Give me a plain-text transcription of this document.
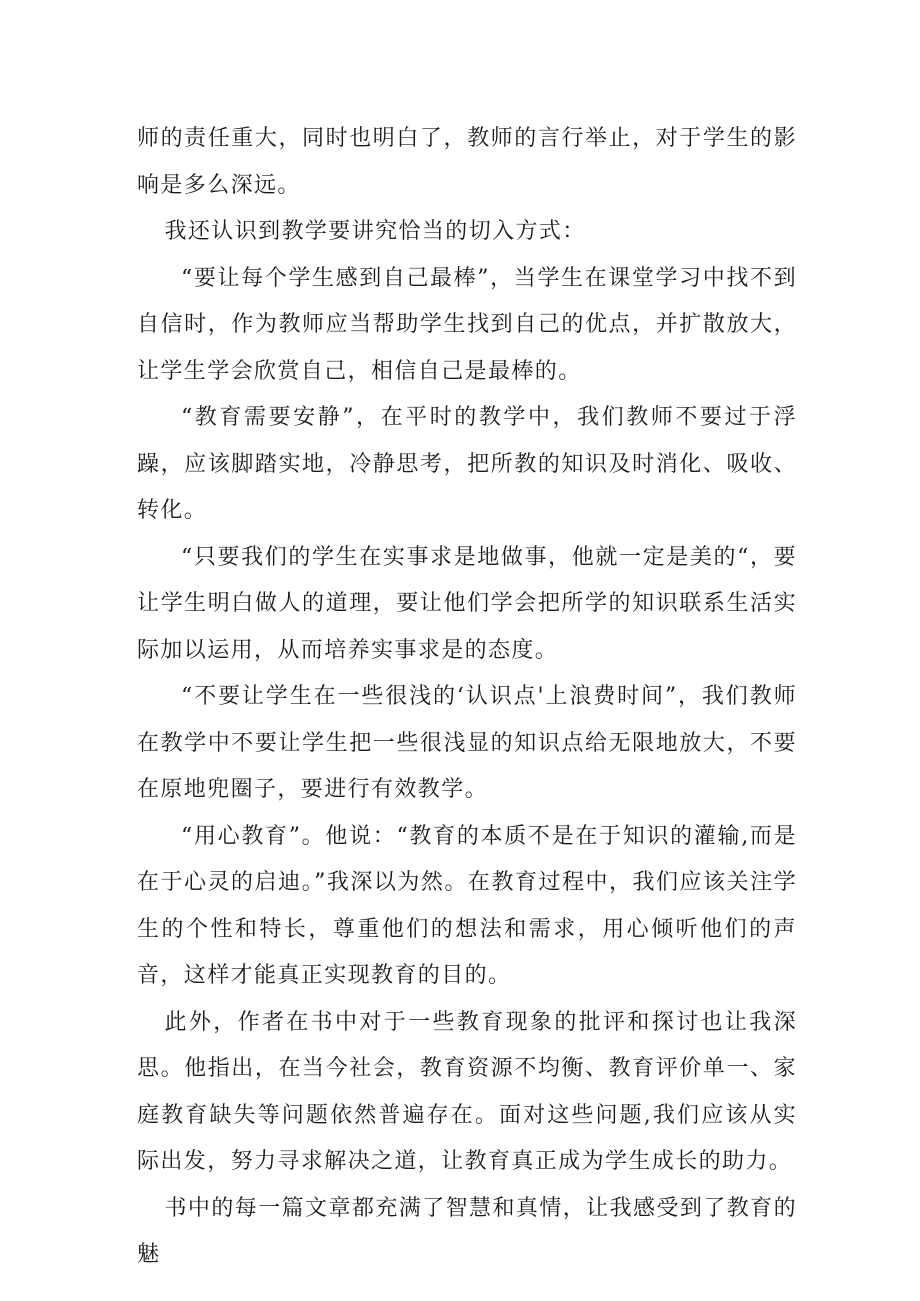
师的责任重大，同时也明白了，教师的言行举止，对于学生的影响是多么深远。

我还认识到教学要讲究恰当的切入方式：

“要让每个学生感到自己最棒”，当学生在课堂学习中找不到自信时，作为教师应当帮助学生找到自己的优点，并扩散放大，让学生学会欣赏自己，相信自己是最棒的。

“教育需要安静”，在平时的教学中，我们教师不要过于浮躁，应该脚踏实地，冷静思考，把所教的知识及时消化、吸收、转化。

“只要我们的学生在实事求是地做事，他就一定是美的“，要让学生明白做人的道理，要让他们学会把所学的知识联系生活实际加以运用，从而培养实事求是的态度。

“不要让学生在一些很浅的‘认识点'上浪费时间”，我们教师在教学中不要让学生把一些很浅显的知识点给无限地放大，不要在原地兜圈子，要进行有效教学。

“用心教育”。他说：“教育的本质不是在于知识的灌输,而是在于心灵的启迪。”我深以为然。在教育过程中，我们应该关注学生的个性和特长，尊重他们的想法和需求，用心倾听他们的声音，这样才能真正实现教育的目的。

此外，作者在书中对于一些教育现象的批评和探讨也让我深思。他指出，在当今社会，教育资源不均衡、教育评价单一、家庭教育缺失等问题依然普遍存在。面对这些问题,我们应该从实际出发，努力寻求解决之道，让教育真正成为学生成长的助力。

书中的每一篇文章都充满了智慧和真情，让我感受到了教育的魅
